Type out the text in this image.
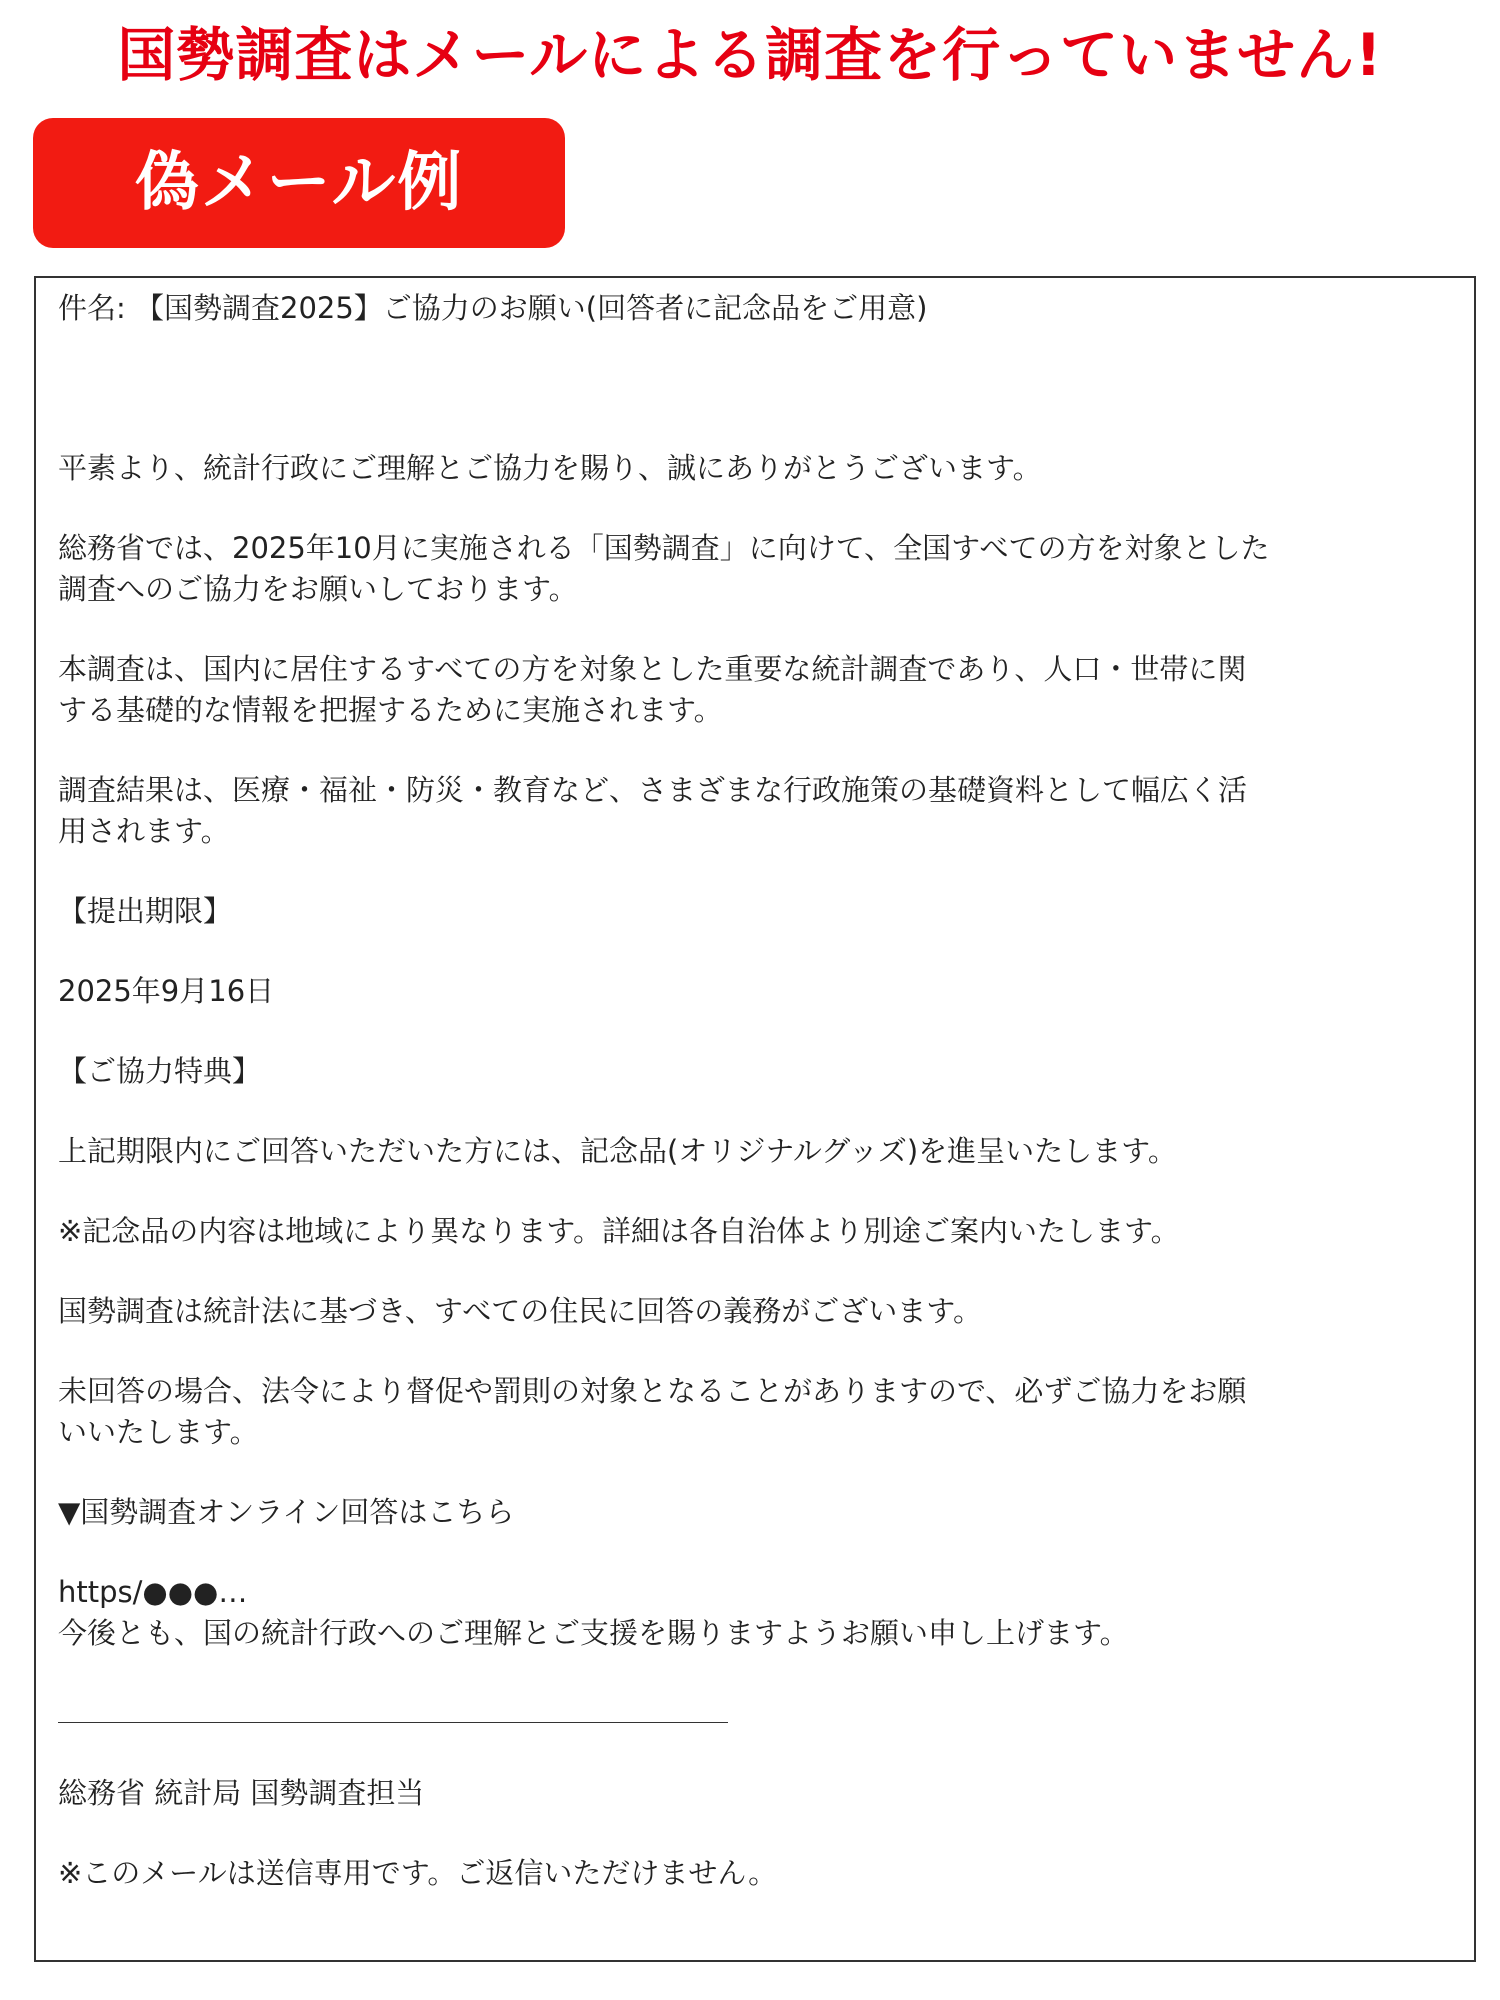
国勢調査はメールによる調査を行っていません!
偽メール例
件名: 【国勢調査2025】ご協力のお願い(回答者に記念品をご用意)
平素より、統計行政にご理解とご協力を賜り、誠にありがとうございます。
総務省では、2025年10月に実施される「国勢調査」に向けて、全国すべての方を対象とした
調査へのご協力をお願いしております。
本調査は、国内に居住するすべての方を対象とした重要な統計調査であり、人口・世帯に関
する基礎的な情報を把握するために実施されます。
調査結果は、医療・福祉・防災・教育など、さまざまな行政施策の基礎資料として幅広く活
用されます。
【提出期限】
2025年9月16日
【ご協力特典】
上記期限内にご回答いただいた方には、記念品(オリジナルグッズ)を進呈いたします。
※記念品の内容は地域により異なります。詳細は各自治体より別途ご案内いたします。
国勢調査は統計法に基づき、すべての住民に回答の義務がございます。
未回答の場合、法令により督促や罰則の対象となることがありますので、必ずご協力をお願
いいたします。
▼国勢調査オンライン回答はこちら
https/●●●…
今後とも、国の統計行政へのご理解とご支援を賜りますようお願い申し上げます。
総務省 統計局 国勢調査担当
※このメールは送信専用です。ご返信いただけません。
